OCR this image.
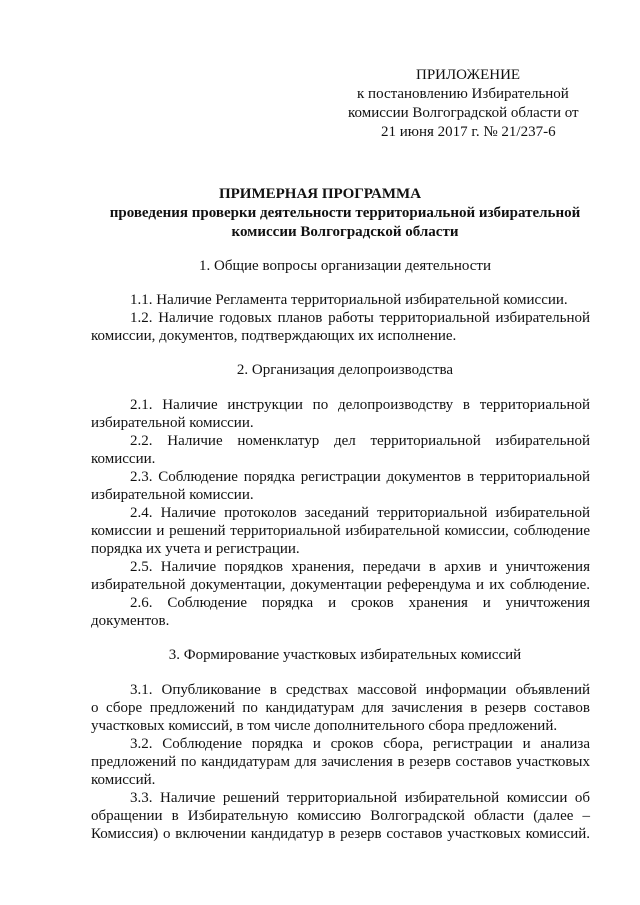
ПРИЛОЖЕНИЕ
к постановлению Избирательной
комиссии Волгоградской области от
21 июня 2017 г. № 21/237-6
ПРИМЕРНАЯ ПРОГРАММА
проведения проверки деятельности территориальной избирательной
комиссии Волгоградской области
1. Общие вопросы организации деятельности
1.1. Наличие Регламента территориальной избирательной комиссии.
1.2. Наличие годовых планов работы территориальной избирательной
комиссии, документов, подтверждающих их исполнение.
2. Организация делопроизводства
2.1. Наличие инструкции по делопроизводству в территориальной
избирательной комиссии.
2.2. Наличие номенклатур дел территориальной избирательной
комиссии.
2.3. Соблюдение порядка регистрации документов в территориальной
избирательной комиссии.
2.4. Наличие протоколов заседаний территориальной избирательной
комиссии и решений территориальной избирательной комиссии, соблюдение
порядка их учета и регистрации.
2.5. Наличие порядков хранения, передачи в архив и уничтожения
избирательной документации, документации референдума и их соблюдение.
2.6. Соблюдение порядка и сроков хранения и уничтожения
документов.
3. Формирование участковых избирательных комиссий
3.1. Опубликование в средствах массовой информации объявлений
о сборе предложений по кандидатурам для зачисления в резерв составов
участковых комиссий, в том числе дополнительного сбора предложений.
3.2. Соблюдение порядка и сроков сбора, регистрации и анализа
предложений по кандидатурам для зачисления в резерв составов участковых
комиссий.
3.3. Наличие решений территориальной избирательной комиссии об
обращении в Избирательную комиссию Волгоградской области (далее –
Комиссия) о включении кандидатур в резерв составов участковых комиссий.
